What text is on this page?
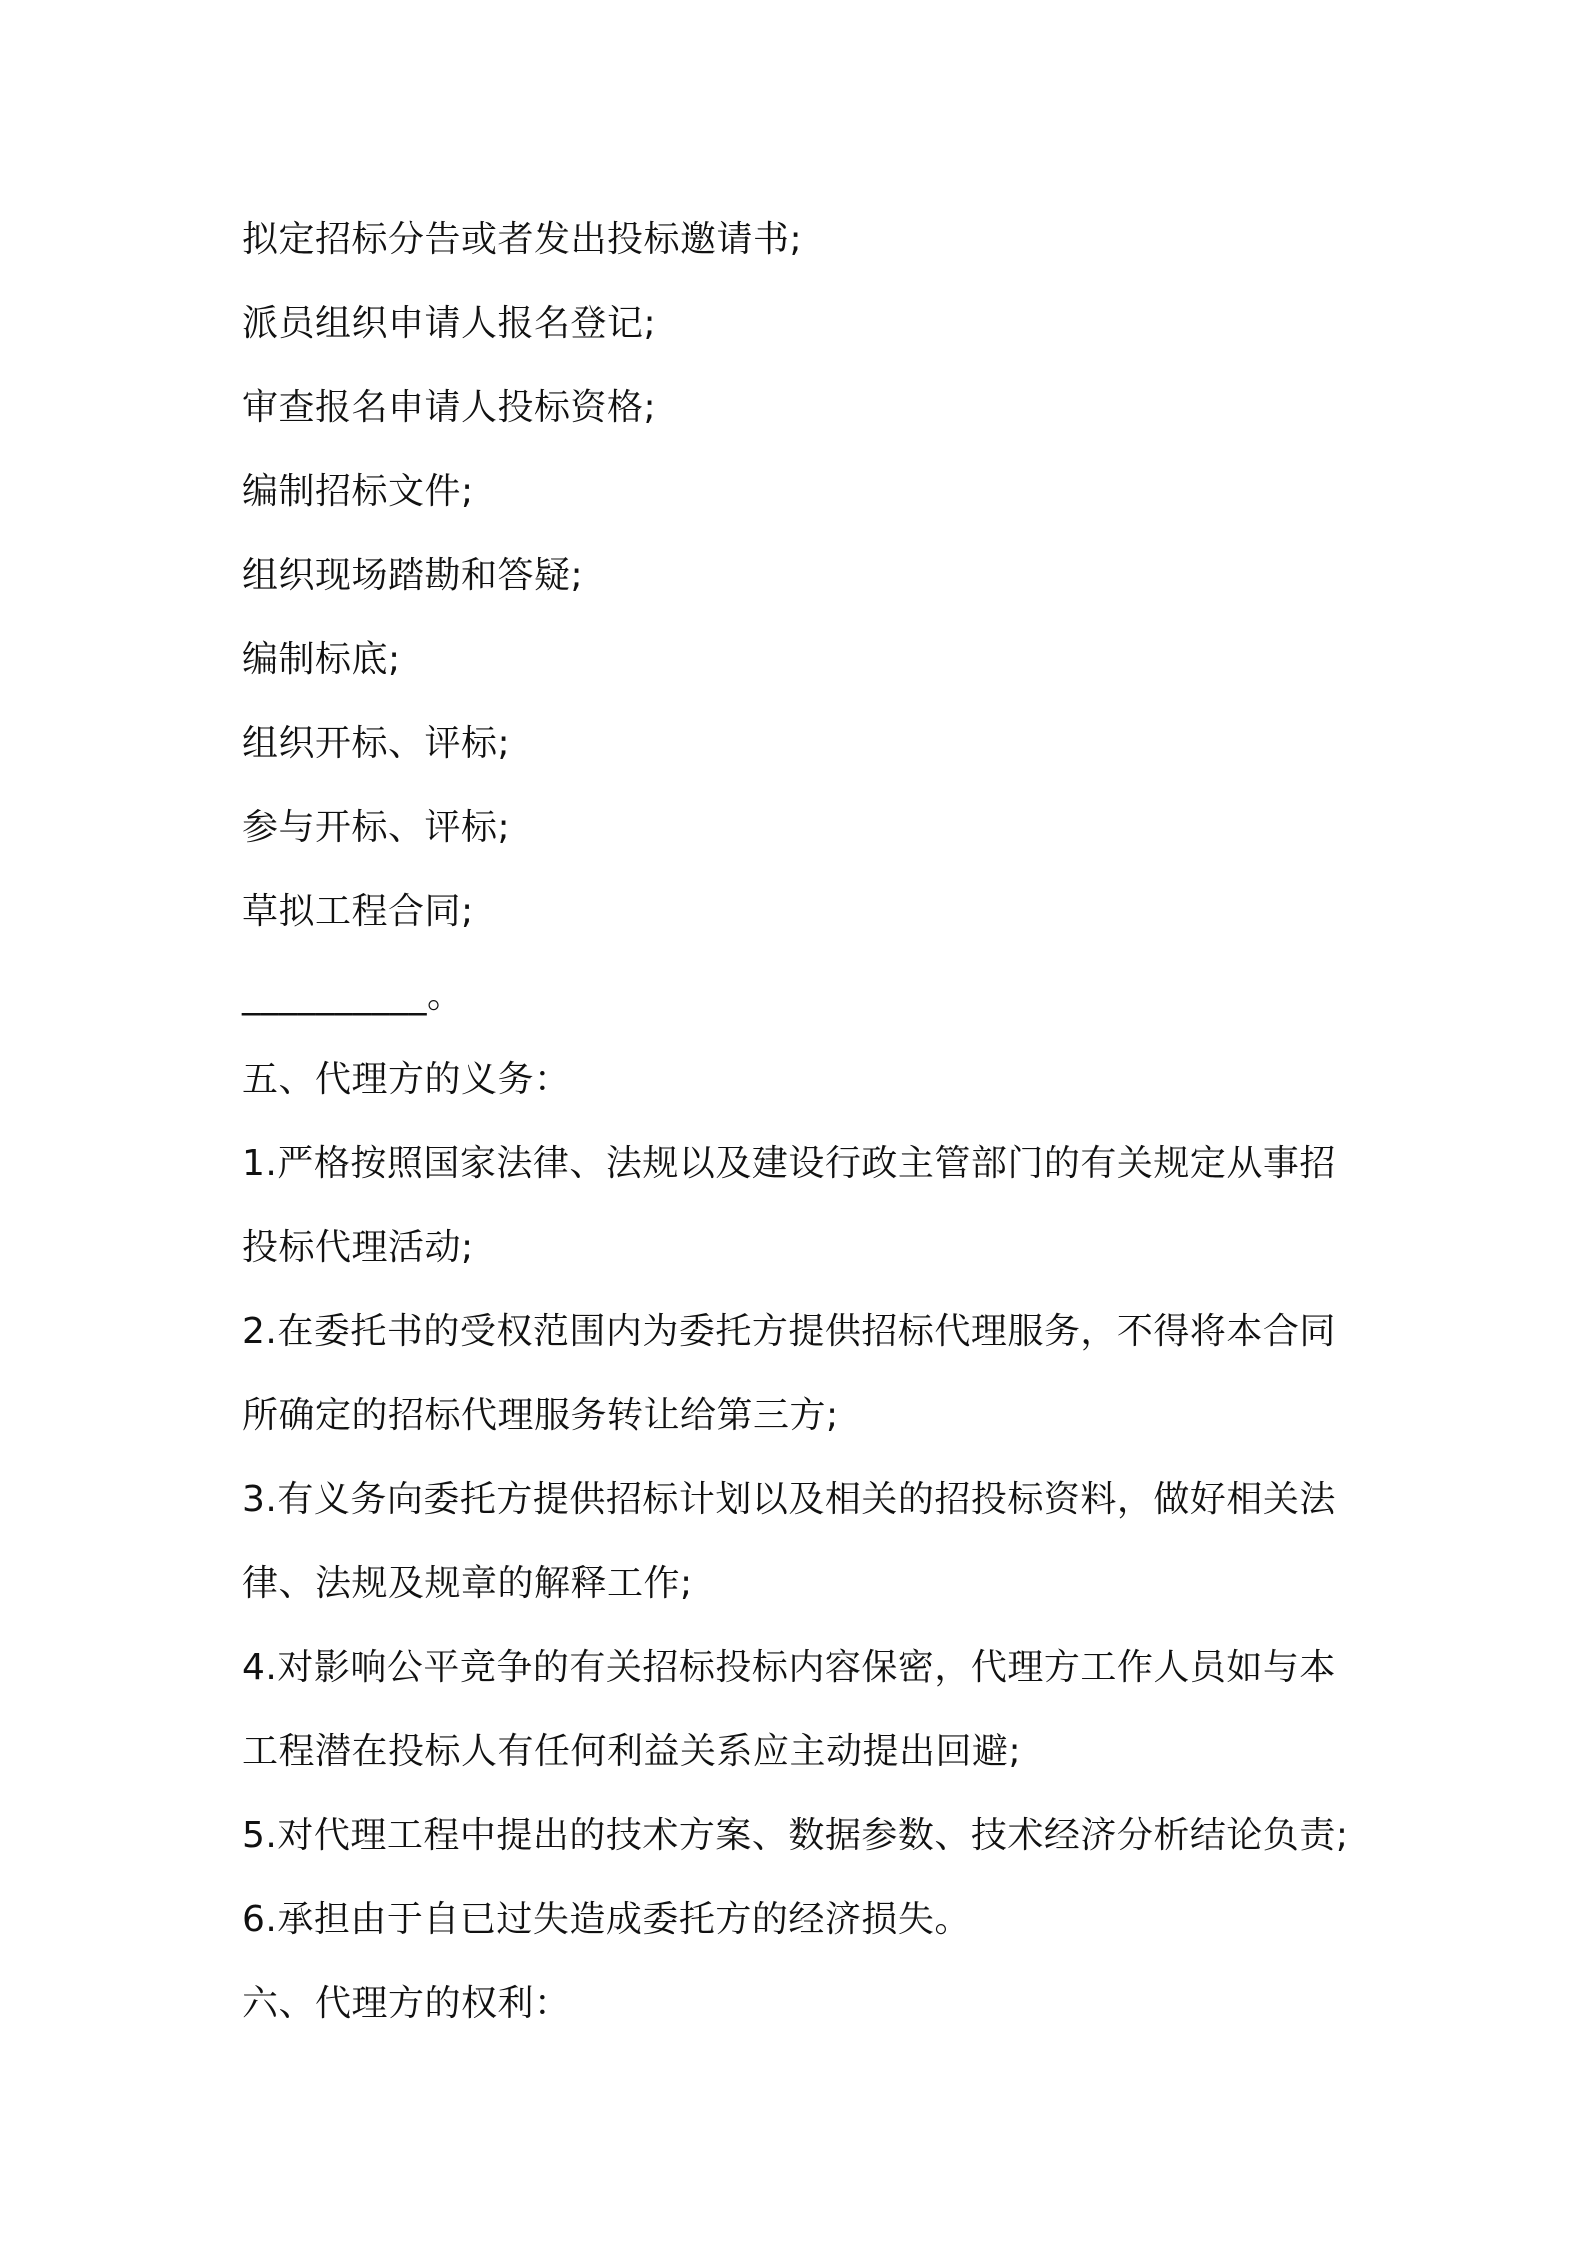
拟定招标分告或者发出投标邀请书;

派员组织申请人报名登记;

审查报名申请人投标资格;

编制招标文件;

组织现场踏勘和答疑;

编制标底;

组织开标、评标;

参与开标、评标;

草拟工程合同;

__________。

五、代理方的义务：

1.严格按照国家法律、法规以及建设行政主管部门的有关规定从事招

投标代理活动;

2.在委托书的受权范围内为委托方提供招标代理服务，不得将本合同

所确定的招标代理服务转让给第三方;

3.有义务向委托方提供招标计划以及相关的招投标资料，做好相关法

律、法规及规章的解释工作;

4.对影响公平竞争的有关招标投标内容保密，代理方工作人员如与本

工程潜在投标人有任何利益关系应主动提出回避;

5.对代理工程中提出的技术方案、数据参数、技术经济分析结论负责;

6.承担由于自已过失造成委托方的经济损失。

六、代理方的权利：
